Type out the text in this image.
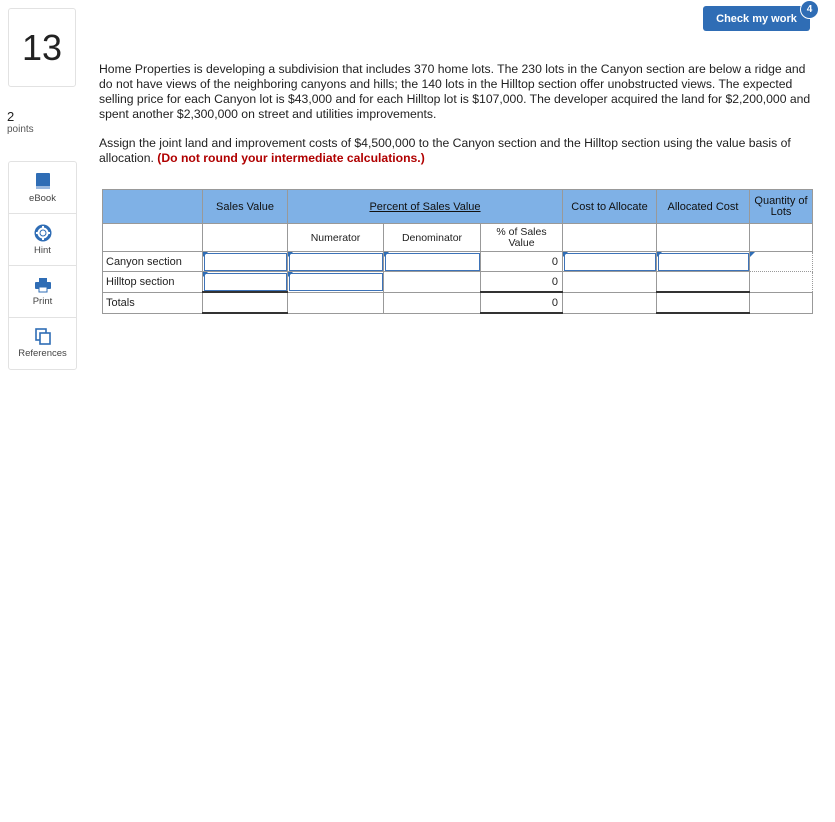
13
2
points
eBook
Hint
Print
References
Check my work
4

Home Properties is developing a subdivision that includes 370 home lots. The 230 lots in the Canyon section are below a ridge and do not have views of the neighboring canyons and hills; the 140 lots in the Hilltop section offer unobstructed views. The expected selling price for each Canyon lot is $43,000 and for each Hilltop lot is $107,000. The developer acquired the land for $2,200,000 and spent another $2,300,000 on street and utilities improvements.

Assign the joint land and improvement costs of $4,500,000 to the Canyon section and the Hilltop section using the value basis of allocation. (Do not round your intermediate calculations.)

	Sales Value	Percent of Sales Value			Cost to Allocate	Allocated Cost	Quantity of Lots
		Numerator	Denominator	% of Sales Value			
Canyon section				0			
Hilltop section				0			
Totals				0			
